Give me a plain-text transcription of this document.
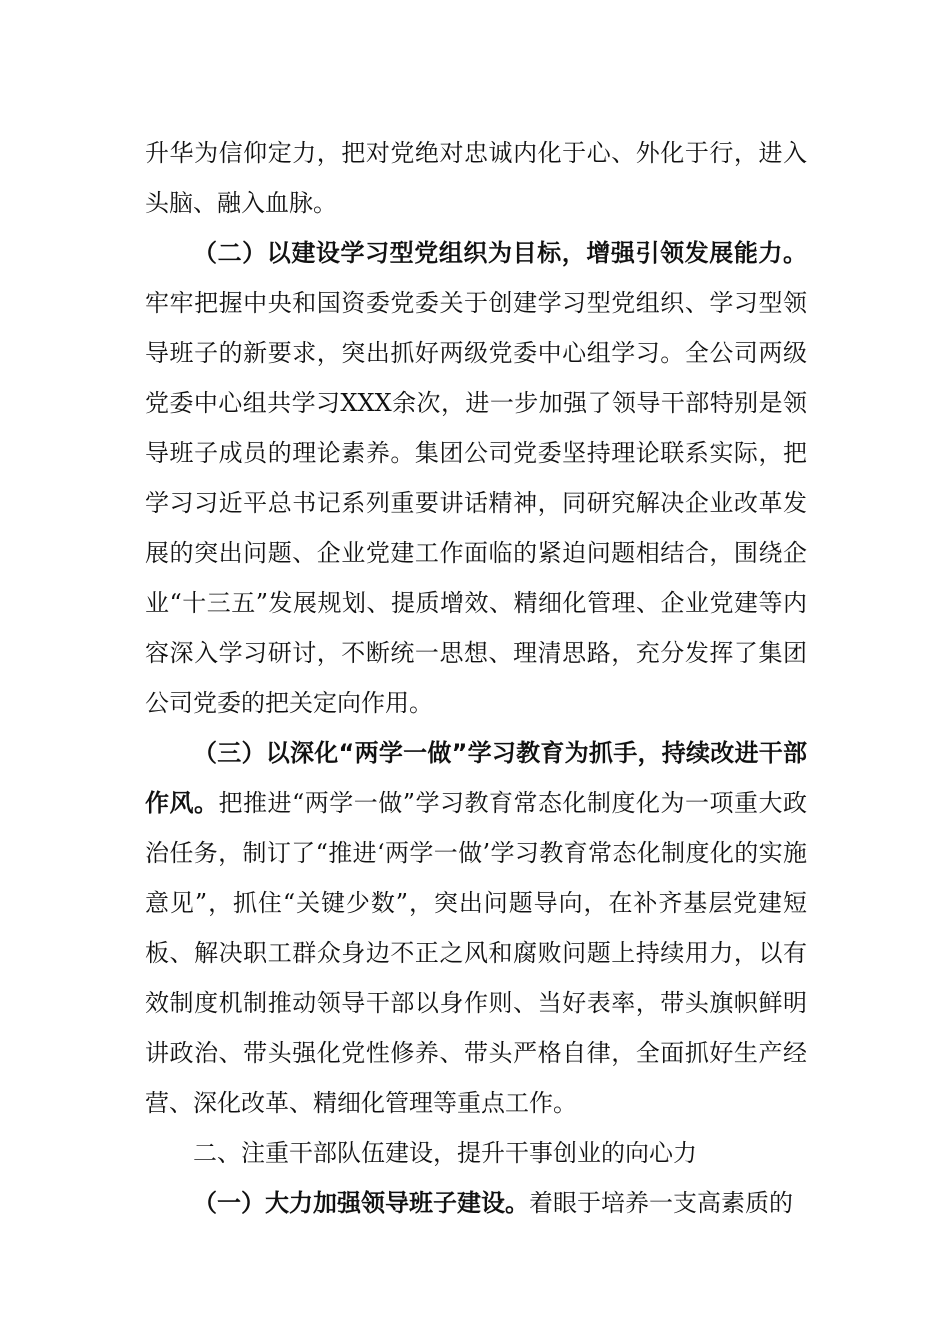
升华为信仰定力，把对党绝对忠诚内化于心、外化于行，进入头脑、融入血脉。

（二）以建设学习型党组织为目标，增强引领发展能力。牢牢把握中央和国资委党委关于创建学习型党组织、学习型领导班子的新要求，突出抓好两级党委中心组学习。全公司两级党委中心组共学习XXX余次，进一步加强了领导干部特别是领导班子成员的理论素养。集团公司党委坚持理论联系实际，把学习习近平总书记系列重要讲话精神，同研究解决企业改革发展的突出问题、企业党建工作面临的紧迫问题相结合，围绕企业“十三五”发展规划、提质增效、精细化管理、企业党建等内容深入学习研讨，不断统一思想、理清思路，充分发挥了集团公司党委的把关定向作用。

（三）以深化“两学一做”学习教育为抓手，持续改进干部作风。把推进“两学一做”学习教育常态化制度化为一项重大政治任务，制订了“推进‘两学一做’学习教育常态化制度化的实施意见”，抓住“关键少数”，突出问题导向，在补齐基层党建短板、解决职工群众身边不正之风和腐败问题上持续用力，以有效制度机制推动领导干部以身作则、当好表率，带头旗帜鲜明讲政治、带头强化党性修养、带头严格自律，全面抓好生产经营、深化改革、精细化管理等重点工作。

二、注重干部队伍建设，提升干事创业的向心力

（一）大力加强领导班子建设。着眼于培养一支高素质的
